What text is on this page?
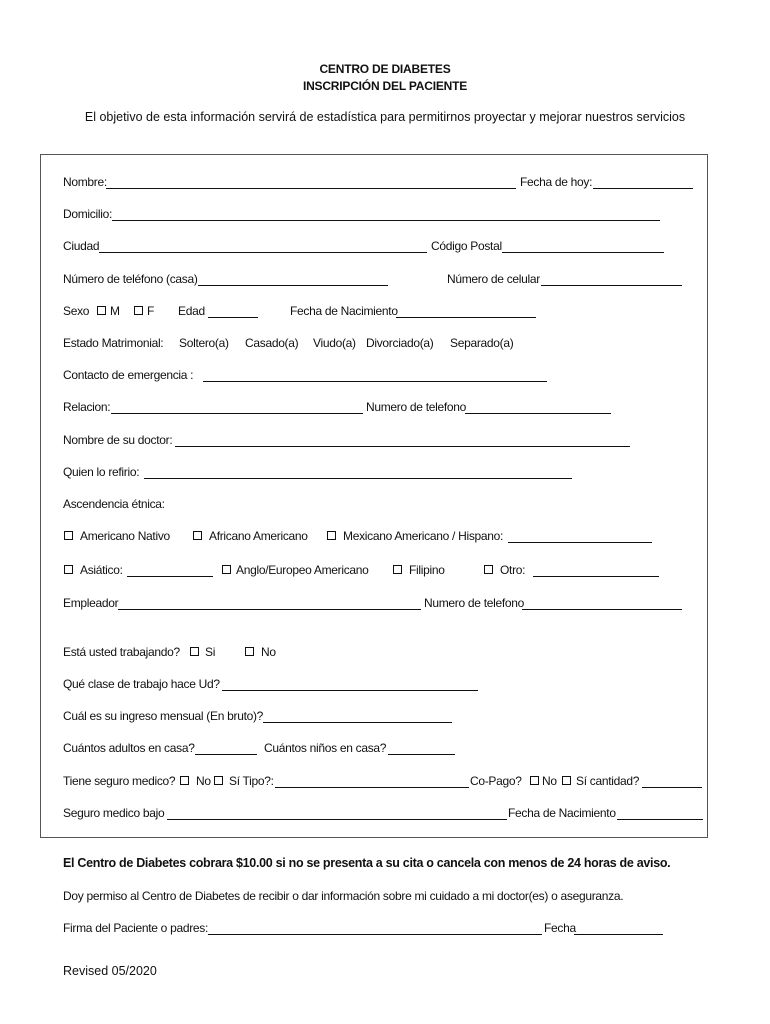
CENTRO DE DIABETES
INSCRIPCIÓN DEL PACIENTE
El objetivo de esta información servirá de estadística para permitirnos proyectar y mejorar nuestros servicios
Nombre:	Fecha de hoy:
Domicilio:
Ciudad	Código Postal
Número de teléfono (casa)	Número de celular
Sexo M F Edad	Fecha de Nacimiento
Estado Matrimonial: Soltero(a) Casado(a) Viudo(a) Divorciado(a) Separado(a)
Contacto de emergencia :
Relacion:	Numero de telefono
Nombre de su doctor:
Quien lo refirio:
Ascendencia étnica:
Americano Nativo	Africano Americano	Mexicano Americano / Hispano:
Asiático:	Anglo/Europeo Americano	Filipino	Otro:
Empleador	Numero de telefono
Está usted trabajando? Si	No
Qué clase de trabajo hace Ud?
Cuál es su ingreso mensual (En bruto)?
Cuántos adultos en casa?	Cuántos niños en casa?
Tiene seguro medico? No Sí Tipo?:	Co-Pago? No Sí cantidad?
Seguro medico bajo	Fecha de Nacimiento
El Centro de Diabetes cobrara $10.00 si no se presenta a su cita o cancela con menos de 24 horas de aviso.
Doy permiso al Centro de Diabetes de recibir o dar información sobre mi cuidado a mi doctor(es) o aseguranza.
Firma del Paciente o padres:	Fecha
Revised 05/2020
